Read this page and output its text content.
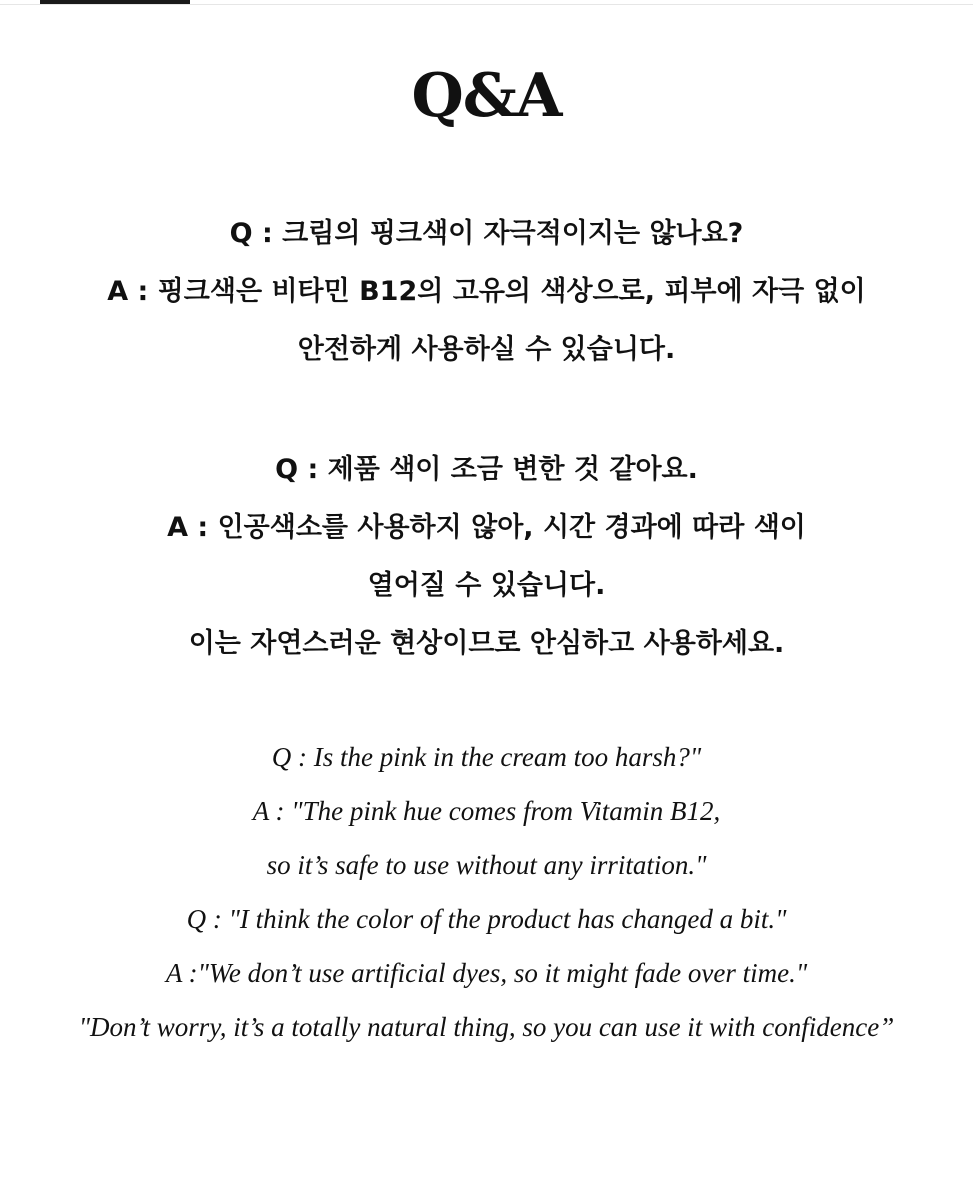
Q&A
Q : 크림의 핑크색이 자극적이지는 않나요?
A : 핑크색은 비타민 B12의 고유의 색상으로, 피부에 자극 없이
안전하게 사용하실 수 있습니다.
Q : 제품 색이 조금 변한 것 같아요.
A : 인공색소를 사용하지 않아, 시간 경과에 따라 색이
열어질 수 있습니다.
이는 자연스러운 현상이므로 안심하고 사용하세요.
Q : Is the pink in the cream too harsh?"
A : "The pink hue comes from Vitamin B12,
so it’s safe to use without any irritation."
Q : "I think the color of the product has changed a bit."
A :"We don’t use artificial dyes, so it might fade over time."
"Don’t worry, it’s a totally natural thing, so you can use it with confidence”
